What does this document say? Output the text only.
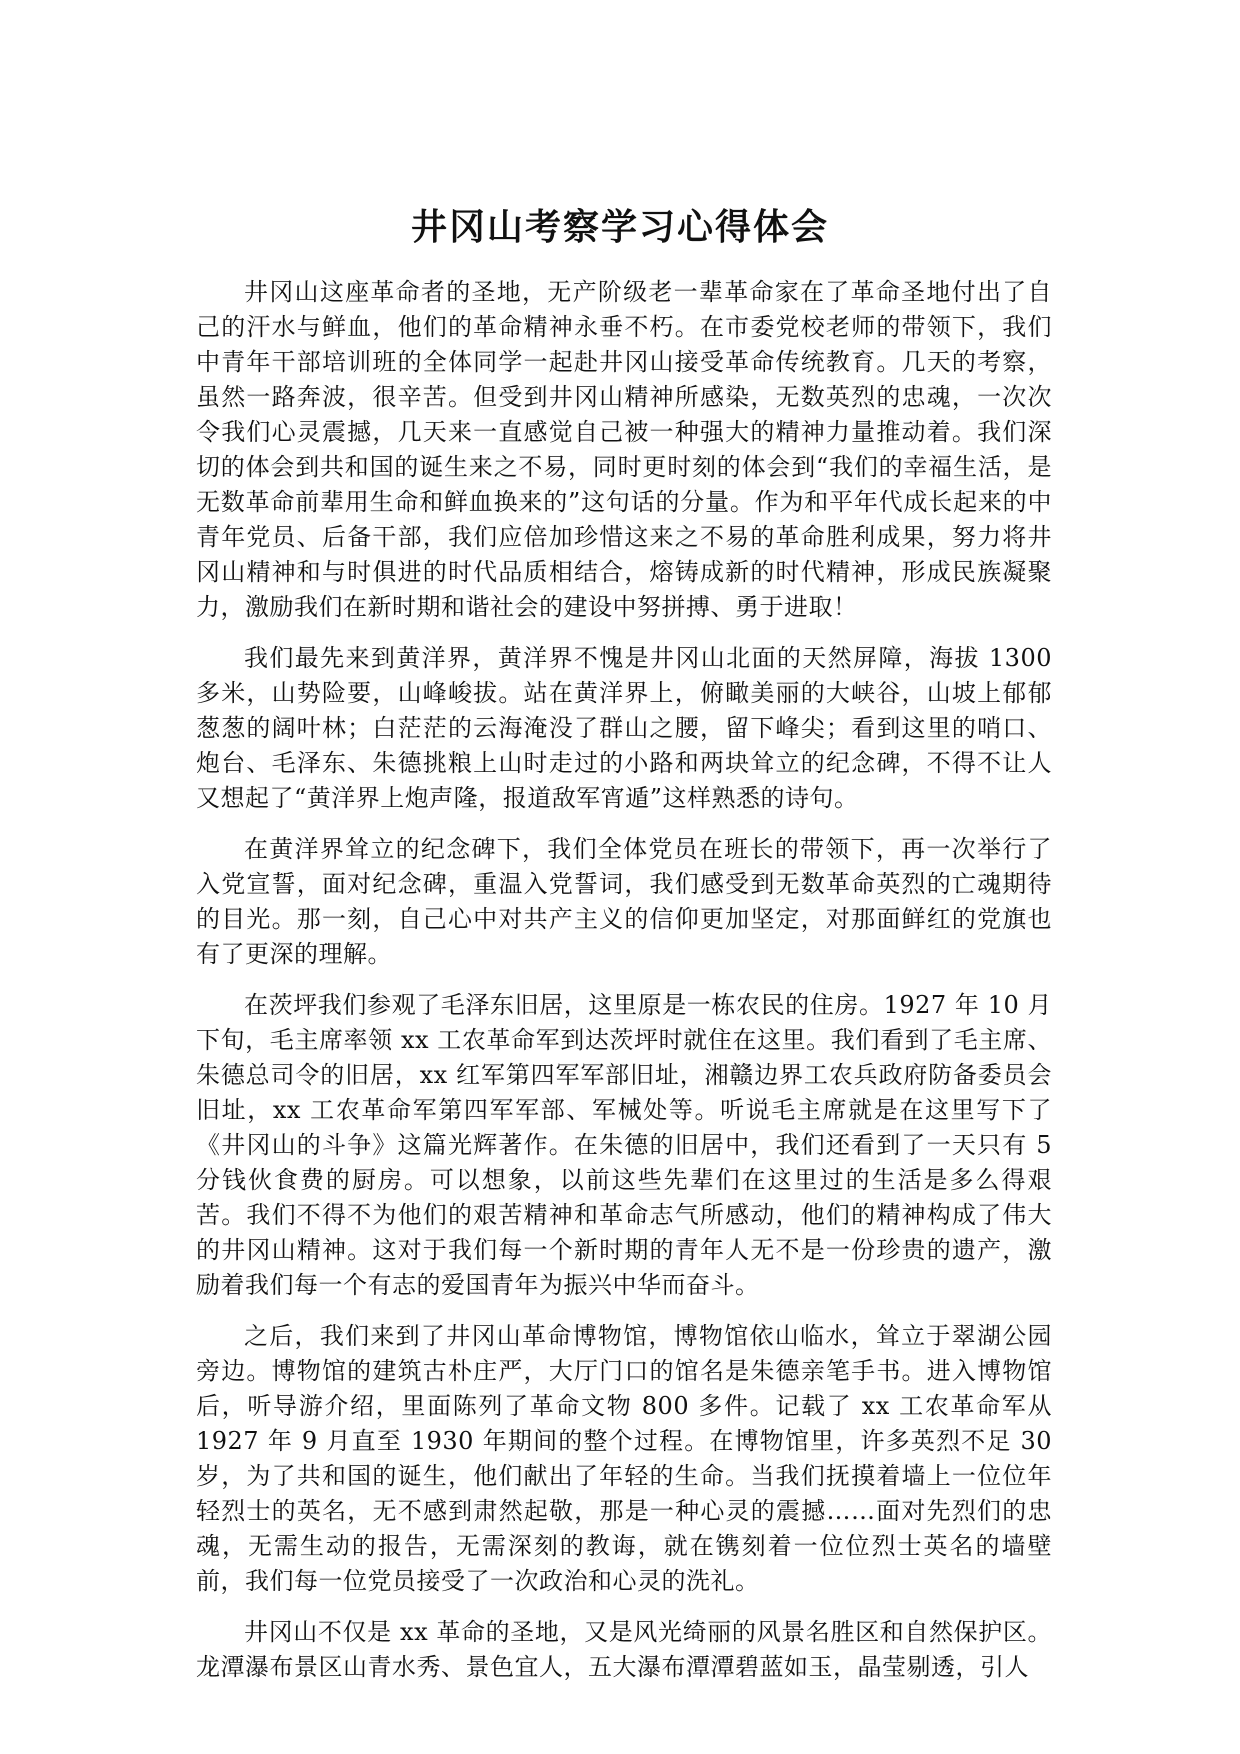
井冈山考察学习心得体会

井冈山这座革命者的圣地，无产阶级老一辈革命家在了革命圣地付出了自己的汗水与鲜血，他们的革命精神永垂不朽。在市委党校老师的带领下，我们中青年干部培训班的全体同学一起赴井冈山接受革命传统教育。几天的考察，虽然一路奔波，很辛苦。但受到井冈山精神所感染，无数英烈的忠魂，一次次令我们心灵震撼，几天来一直感觉自己被一种强大的精神力量推动着。我们深切的体会到共和国的诞生来之不易，同时更时刻的体会到“我们的幸福生活，是无数革命前辈用生命和鲜血换来的”这句话的分量。作为和平年代成长起来的中青年党员、后备干部，我们应倍加珍惜这来之不易的革命胜利成果，努力将井冈山精神和与时俱进的时代品质相结合，熔铸成新的时代精神，形成民族凝聚力，激励我们在新时期和谐社会的建设中努拼搏、勇于进取！

我们最先来到黄洋界，黄洋界不愧是井冈山北面的天然屏障，海拔 1300 多米，山势险要，山峰峻拔。站在黄洋界上，俯瞰美丽的大峡谷，山坡上郁郁葱葱的阔叶林；白茫茫的云海淹没了群山之腰，留下峰尖；看到这里的哨口、炮台、毛泽东、朱德挑粮上山时走过的小路和两块耸立的纪念碑，不得不让人又想起了“黄洋界上炮声隆，报道敌军宵遁”这样熟悉的诗句。

在黄洋界耸立的纪念碑下，我们全体党员在班长的带领下，再一次举行了入党宣誓，面对纪念碑，重温入党誓词，我们感受到无数革命英烈的亡魂期待的目光。那一刻，自己心中对共产主义的信仰更加坚定，对那面鲜红的党旗也有了更深的理解。

在茨坪我们参观了毛泽东旧居，这里原是一栋农民的住房。1927 年 10 月下旬，毛主席率领 xx 工农革命军到达茨坪时就住在这里。我们看到了毛主席、朱德总司令的旧居，xx 红军第四军军部旧址，湘赣边界工农兵政府防备委员会旧址，xx 工农革命军第四军军部、军械处等。听说毛主席就是在这里写下了《井冈山的斗争》这篇光辉著作。在朱德的旧居中，我们还看到了一天只有 5 分钱伙食费的厨房。可以想象，以前这些先辈们在这里过的生活是多么得艰苦。我们不得不为他们的艰苦精神和革命志气所感动，他们的精神构成了伟大的井冈山精神。这对于我们每一个新时期的青年人无不是一份珍贵的遗产，激励着我们每一个有志的爱国青年为振兴中华而奋斗。

之后，我们来到了井冈山革命博物馆，博物馆依山临水，耸立于翠湖公园旁边。博物馆的建筑古朴庄严，大厅门口的馆名是朱德亲笔手书。进入博物馆后，听导游介绍，里面陈列了革命文物 800 多件。记载了 xx 工农革命军从 1927 年 9 月直至 1930 年期间的整个过程。在博物馆里，许多英烈不足 30 岁，为了共和国的诞生，他们献出了年轻的生命。当我们抚摸着墙上一位位年轻烈士的英名，无不感到肃然起敬，那是一种心灵的震撼……面对先烈们的忠魂，无需生动的报告，无需深刻的教诲，就在镌刻着一位位烈士英名的墙壁前，我们每一位党员接受了一次政治和心灵的洗礼。

井冈山不仅是 xx 革命的圣地，又是风光绮丽的风景名胜区和自然保护区。龙潭瀑布景区山青水秀、景色宜人，五大瀑布潭潭碧蓝如玉，晶莹剔透，引人
